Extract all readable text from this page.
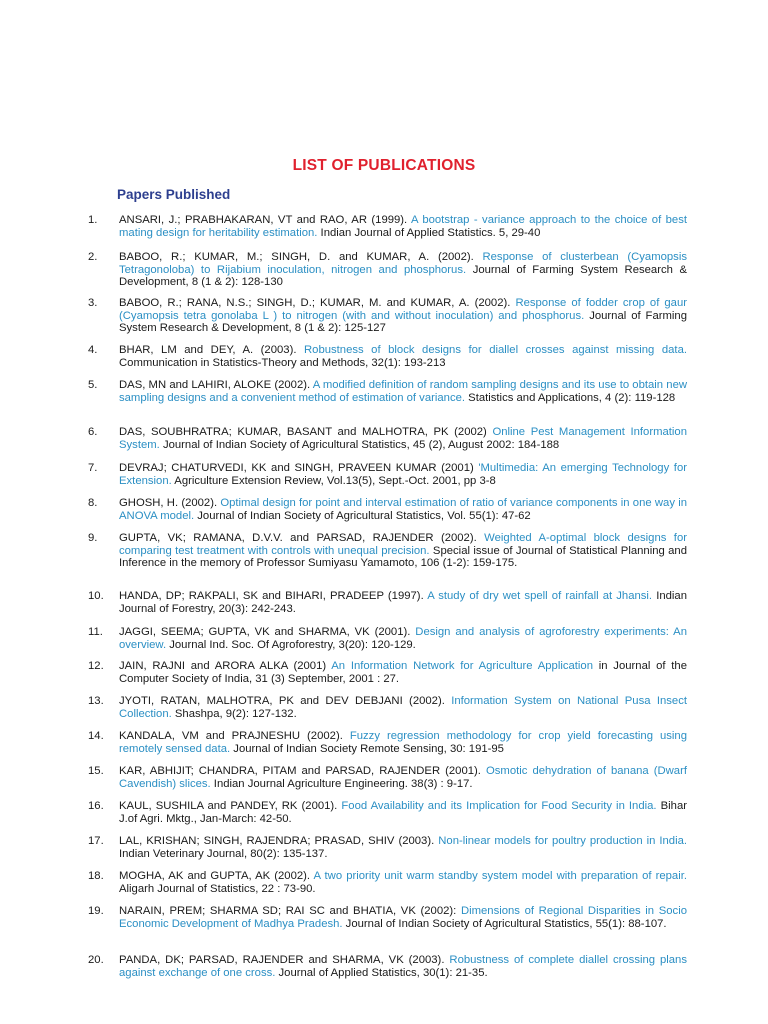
LIST OF PUBLICATIONS
Papers Published
1. ANSARI, J.; PRABHAKARAN, VT and RAO, AR (1999). A bootstrap - variance approach to the choice of best mating design for heritability estimation. Indian Journal of Applied Statistics. 5, 29-40
2. BABOO, R.; KUMAR, M.; SINGH, D. and KUMAR, A. (2002). Response of clusterbean (Cyamopsis Tetragonoloba) to Rijabium inoculation, nitrogen and phosphorus. Journal of Farming System Research & Development, 8 (1 & 2): 128-130
3. BABOO, R.; RANA, N.S.; SINGH, D.; KUMAR, M. and KUMAR, A. (2002). Response of fodder crop of gaur (Cyamopsis tetra gonolaba L ) to nitrogen (with and without inoculation) and phosphorus. Journal of Farming System Research & Development, 8 (1 & 2): 125-127
4. BHAR, LM and DEY, A. (2003). Robustness of block designs for diallel crosses against missing data. Communication in Statistics-Theory and Methods, 32(1): 193-213
5. DAS, MN and LAHIRI, ALOKE (2002). A modified definition of random sampling designs and its use to obtain new sampling designs and a convenient method of estimation of variance. Statistics and Applications, 4 (2): 119-128
6. DAS, SOUBHRATRA; KUMAR, BASANT and MALHOTRA, PK (2002) Online Pest Management Information System. Journal of Indian Society of Agricultural Statistics, 45 (2), August 2002: 184-188
7. DEVRAJ; CHATURVEDI, KK and SINGH, PRAVEEN KUMAR (2001) 'Multimedia: An emerging Technology for Extension. Agriculture Extension Review, Vol.13(5), Sept.-Oct. 2001, pp 3-8
8. GHOSH, H. (2002). Optimal design for point and interval estimation of ratio of variance components in one way in ANOVA model. Journal of Indian Society of Agricultural Statistics, Vol. 55(1): 47-62
9. GUPTA, VK; RAMANA, D.V.V. and PARSAD, RAJENDER (2002). Weighted A-optimal block designs for comparing test treatment with controls with unequal precision. Special issue of Journal of Statistical Planning and Inference in the memory of Professor Sumiyasu Yamamoto, 106 (1-2): 159-175.
10. HANDA, DP; RAKPALI, SK and BIHARI, PRADEEP (1997). A study of dry wet spell of rainfall at Jhansi. Indian Journal of Forestry, 20(3): 242-243.
11. JAGGI, SEEMA; GUPTA, VK and SHARMA, VK (2001). Design and analysis of agroforestry experiments: An overview. Journal Ind. Soc. Of Agroforestry, 3(20): 120-129.
12. JAIN, RAJNI and ARORA ALKA (2001) An Information Network for Agriculture Application in Journal of the Computer Society of India, 31 (3) September, 2001 : 27.
13. JYOTI, RATAN, MALHOTRA, PK and DEV DEBJANI (2002). Information System on National Pusa Insect Collection. Shashpa, 9(2): 127-132.
14. KANDALA, VM and PRAJNESHU (2002). Fuzzy regression methodology for crop yield forecasting using remotely sensed data. Journal of Indian Society Remote Sensing, 30: 191-95
15. KAR, ABHIJIT; CHANDRA, PITAM and PARSAD, RAJENDER (2001). Osmotic dehydration of banana (Dwarf Cavendish) slices. Indian Journal Agriculture Engineering. 38(3) : 9-17.
16. KAUL, SUSHILA and PANDEY, RK (2001). Food Availability and its Implication for Food Security in India. Bihar J.of Agri. Mktg., Jan-March: 42-50.
17. LAL, KRISHAN; SINGH, RAJENDRA; PRASAD, SHIV (2003). Non-linear models for poultry production in India. Indian Veterinary Journal, 80(2): 135-137.
18. MOGHA, AK and GUPTA, AK (2002). A two priority unit warm standby system model with preparation of repair. Aligarh Journal of Statistics, 22 : 73-90.
19. NARAIN, PREM; SHARMA SD; RAI SC and BHATIA, VK (2002): Dimensions of Regional Disparities in Socio Economic Development of Madhya Pradesh. Journal of Indian Society of Agricultural Statistics, 55(1): 88-107.
20. PANDA, DK; PARSAD, RAJENDER and SHARMA, VK (2003). Robustness of complete diallel crossing plans against exchange of one cross. Journal of Applied Statistics, 30(1): 21-35.
